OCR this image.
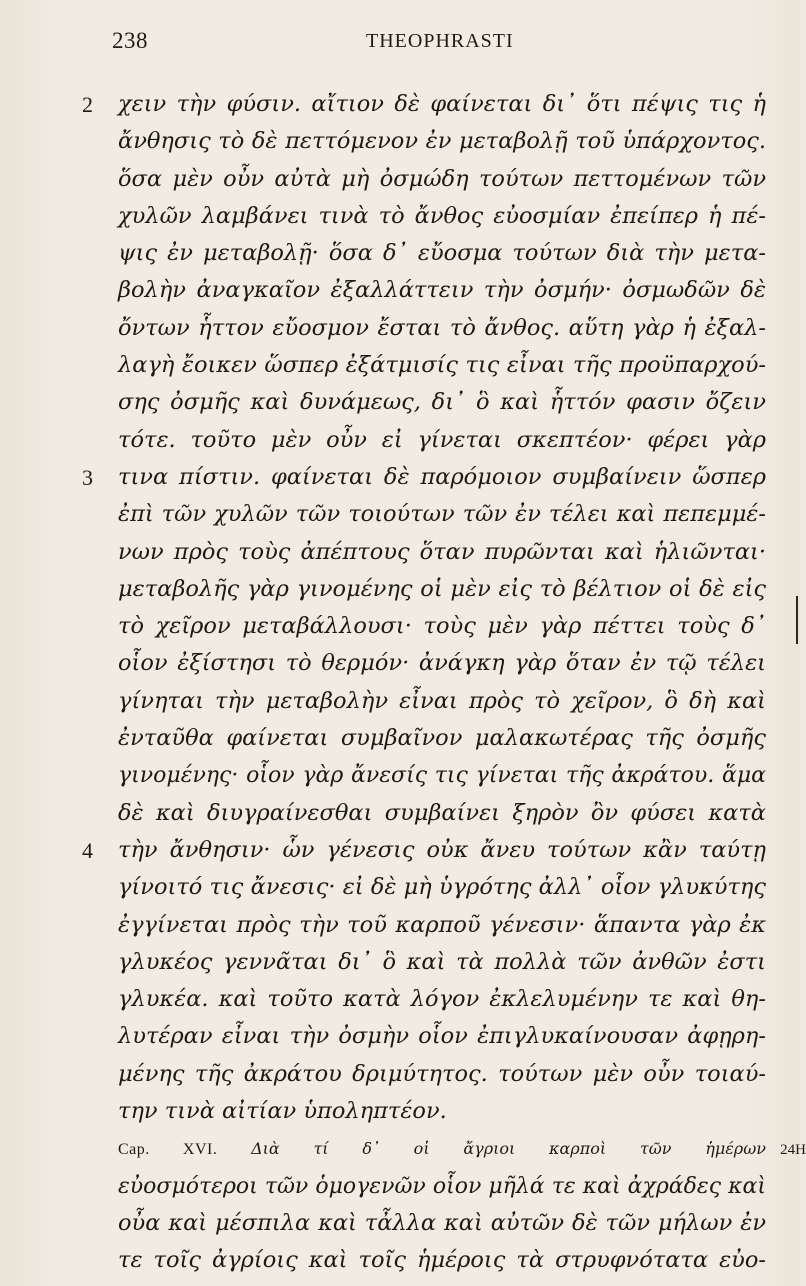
238	THEOPHRASTI
2 χειν τὴν φύσιν. αἴτιον δὲ φαίνεται δι᾽ ὅτι πέψις τις ἡ
ἄνθησις τὸ δὲ πεττόμενον ἐν μεταβολῇ τοῦ ὑπάρχοντος.
ὅσα μὲν οὖν αὐτὰ μὴ ὀσμώδη τούτων πεττομένων τῶν
χυλῶν λαμβάνει τινὰ τὸ ἄνθος εὐοσμίαν ἐπείπερ ἡ πέ-
ψις ἐν μεταβολῇ· ὅσα δ᾽ εὔοσμα τούτων διὰ τὴν μετα-
βολὴν ἀναγκαῖον ἐξαλλάττειν τὴν ὀσμήν· ὀσμωδῶν δὲ
ὄντων ἧττον εὔοσμον ἔσται τὸ ἄνθος. αὕτη γὰρ ἡ ἐξαλ-
λαγὴ ἔοικεν ὥσπερ ἐξάτμισίς τις εἶναι τῆς προϋπαρχού-
σης ὀσμῆς καὶ δυνάμεως, δι᾽ ὃ καὶ ἧττόν φασιν ὄζειν
τότε. τοῦτο μὲν οὖν εἰ γίνεται σκεπτέον· φέρει γὰρ
3 τινα πίστιν. φαίνεται δὲ παρόμοιον συμβαίνειν ὥσπερ
ἐπὶ τῶν χυλῶν τῶν τοιούτων τῶν ἐν τέλει καὶ πεπεμμέ-
νων πρὸς τοὺς ἀπέπτους ὅταν πυρῶνται καὶ ἡλιῶνται·
μεταβολῆς γὰρ γινομένης οἱ μὲν εἰς τὸ βέλτιον οἱ δὲ εἰς
τὸ χεῖρον μεταβάλλουσι· τοὺς μὲν γὰρ πέττει τοὺς δ᾽
οἷον ἐξίστησι τὸ θερμόν· ἀνάγκη γὰρ ὅταν ἐν τῷ τέλει
γίνηται τὴν μεταβολὴν εἶναι πρὸς τὸ χεῖρον, ὃ δὴ καὶ
ἐνταῦθα φαίνεται συμβαῖνον μαλακωτέρας τῆς ὀσμῆς
γινομένης· οἷον γὰρ ἄνεσίς τις γίνεται τῆς ἀκράτου. ἅμα
δὲ καὶ διυγραίνεσθαι συμβαίνει ξηρὸν ὂν φύσει κατὰ
4 τὴν ἄνθησιν· ὧν γένεσις οὐκ ἄνευ τούτων κἂν ταύτῃ
γίνοιτό τις ἄνεσις· εἰ δὲ μὴ ὑγρότης ἀλλ᾽ οἷον γλυκύτης
ἐγγίνεται πρὸς τὴν τοῦ καρποῦ γένεσιν· ἅπαντα γὰρ ἐκ
γλυκέος γεννᾶται δι᾽ ὃ καὶ τὰ πολλὰ τῶν ἀνθῶν ἐστι
γλυκέα. καὶ τοῦτο κατὰ λόγον ἐκλελυμένην τε καὶ θη-
λυτέραν εἶναι τὴν ὀσμὴν οἷον ἐπιγλυκαίνουσαν ἀφῃρη-
μένης τῆς ἀκράτου δριμύτητος. τούτων μὲν οὖν τοιαύ-
την τινὰ αἰτίαν ὑποληπτέον.
Cap. XVI. Διὰ τί δ᾽ οἱ ἄγριοι καρποὶ τῶν ἡμέρων 24H
εὐοσμότεροι τῶν ὁμογενῶν οἷον μῆλά τε καὶ ἀχράδες καὶ
οὖα καὶ μέσπιλα καὶ τἆλλα καὶ αὐτῶν δὲ τῶν μήλων ἐν
τε τοῖς ἀγρίοις καὶ τοῖς ἡμέροις τὰ στρυφνότατα εὐο-
